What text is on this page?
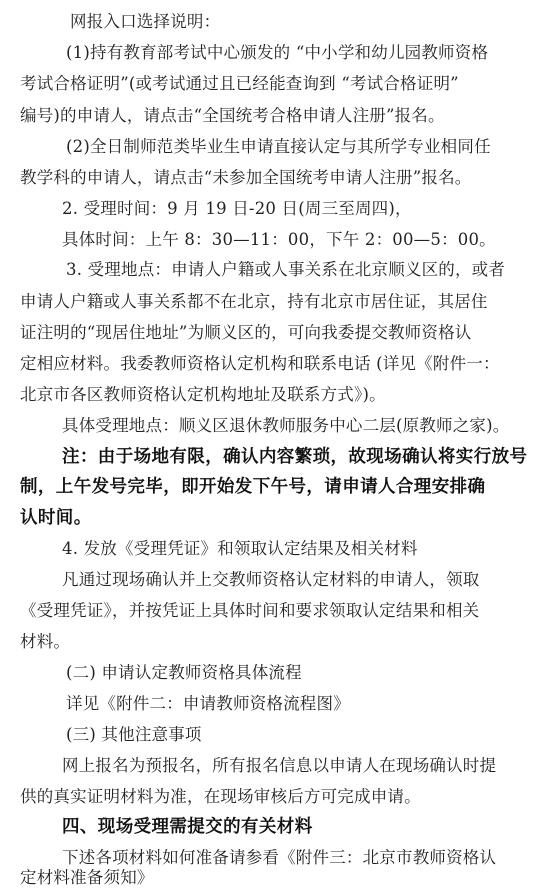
网报入口选择说明：
(1)持有教育部考试中心颁发的 “中小学和幼儿园教师资格
考试合格证明”(或考试通过且已经能查询到 “考试合格证明”
编号)的申请人，请点击“全国统考合格申请人注册”报名。
(2)全日制师范类毕业生申请直接认定与其所学专业相同任
教学科的申请人，请点击“未参加全国统考申请人注册”报名。
2. 受理时间：9 月 19 日-20 日(周三至周四)，
具体时间：上午 8：30—11：00，下午 2：00—5：00。
3. 受理地点：申请人户籍或人事关系在北京顺义区的，或者
申请人户籍或人事关系都不在北京，持有北京市居住证，其居住
证注明的“现居住地址”为顺义区的，可向我委提交教师资格认
定相应材料。我委教师资格认定机构和联系电话 (详见《附件一：
北京市各区教师资格认定机构地址及联系方式》)。
具体受理地点：顺义区退休教师服务中心二层(原教师之家)。
注：由于场地有限，确认内容繁琐，故现场确认将实行放号
制，上午发号完毕，即开始发下午号，请申请人合理安排确
认时间。
4. 发放《受理凭证》和领取认定结果及相关材料
凡通过现场确认并上交教师资格认定材料的申请人，领取
《受理凭证》，并按凭证上具体时间和要求领取认定结果和相关
材料。
(二) 申请认定教师资格具体流程
详见《附件二：申请教师资格流程图》
(三) 其他注意事项
网上报名为预报名，所有报名信息以申请人在现场确认时提
供的真实证明材料为准，在现场审核后方可完成申请。
四、现场受理需提交的有关材料
下述各项材料如何准备请参看《附件三：北京市教师资格认
定材料准备须知》
